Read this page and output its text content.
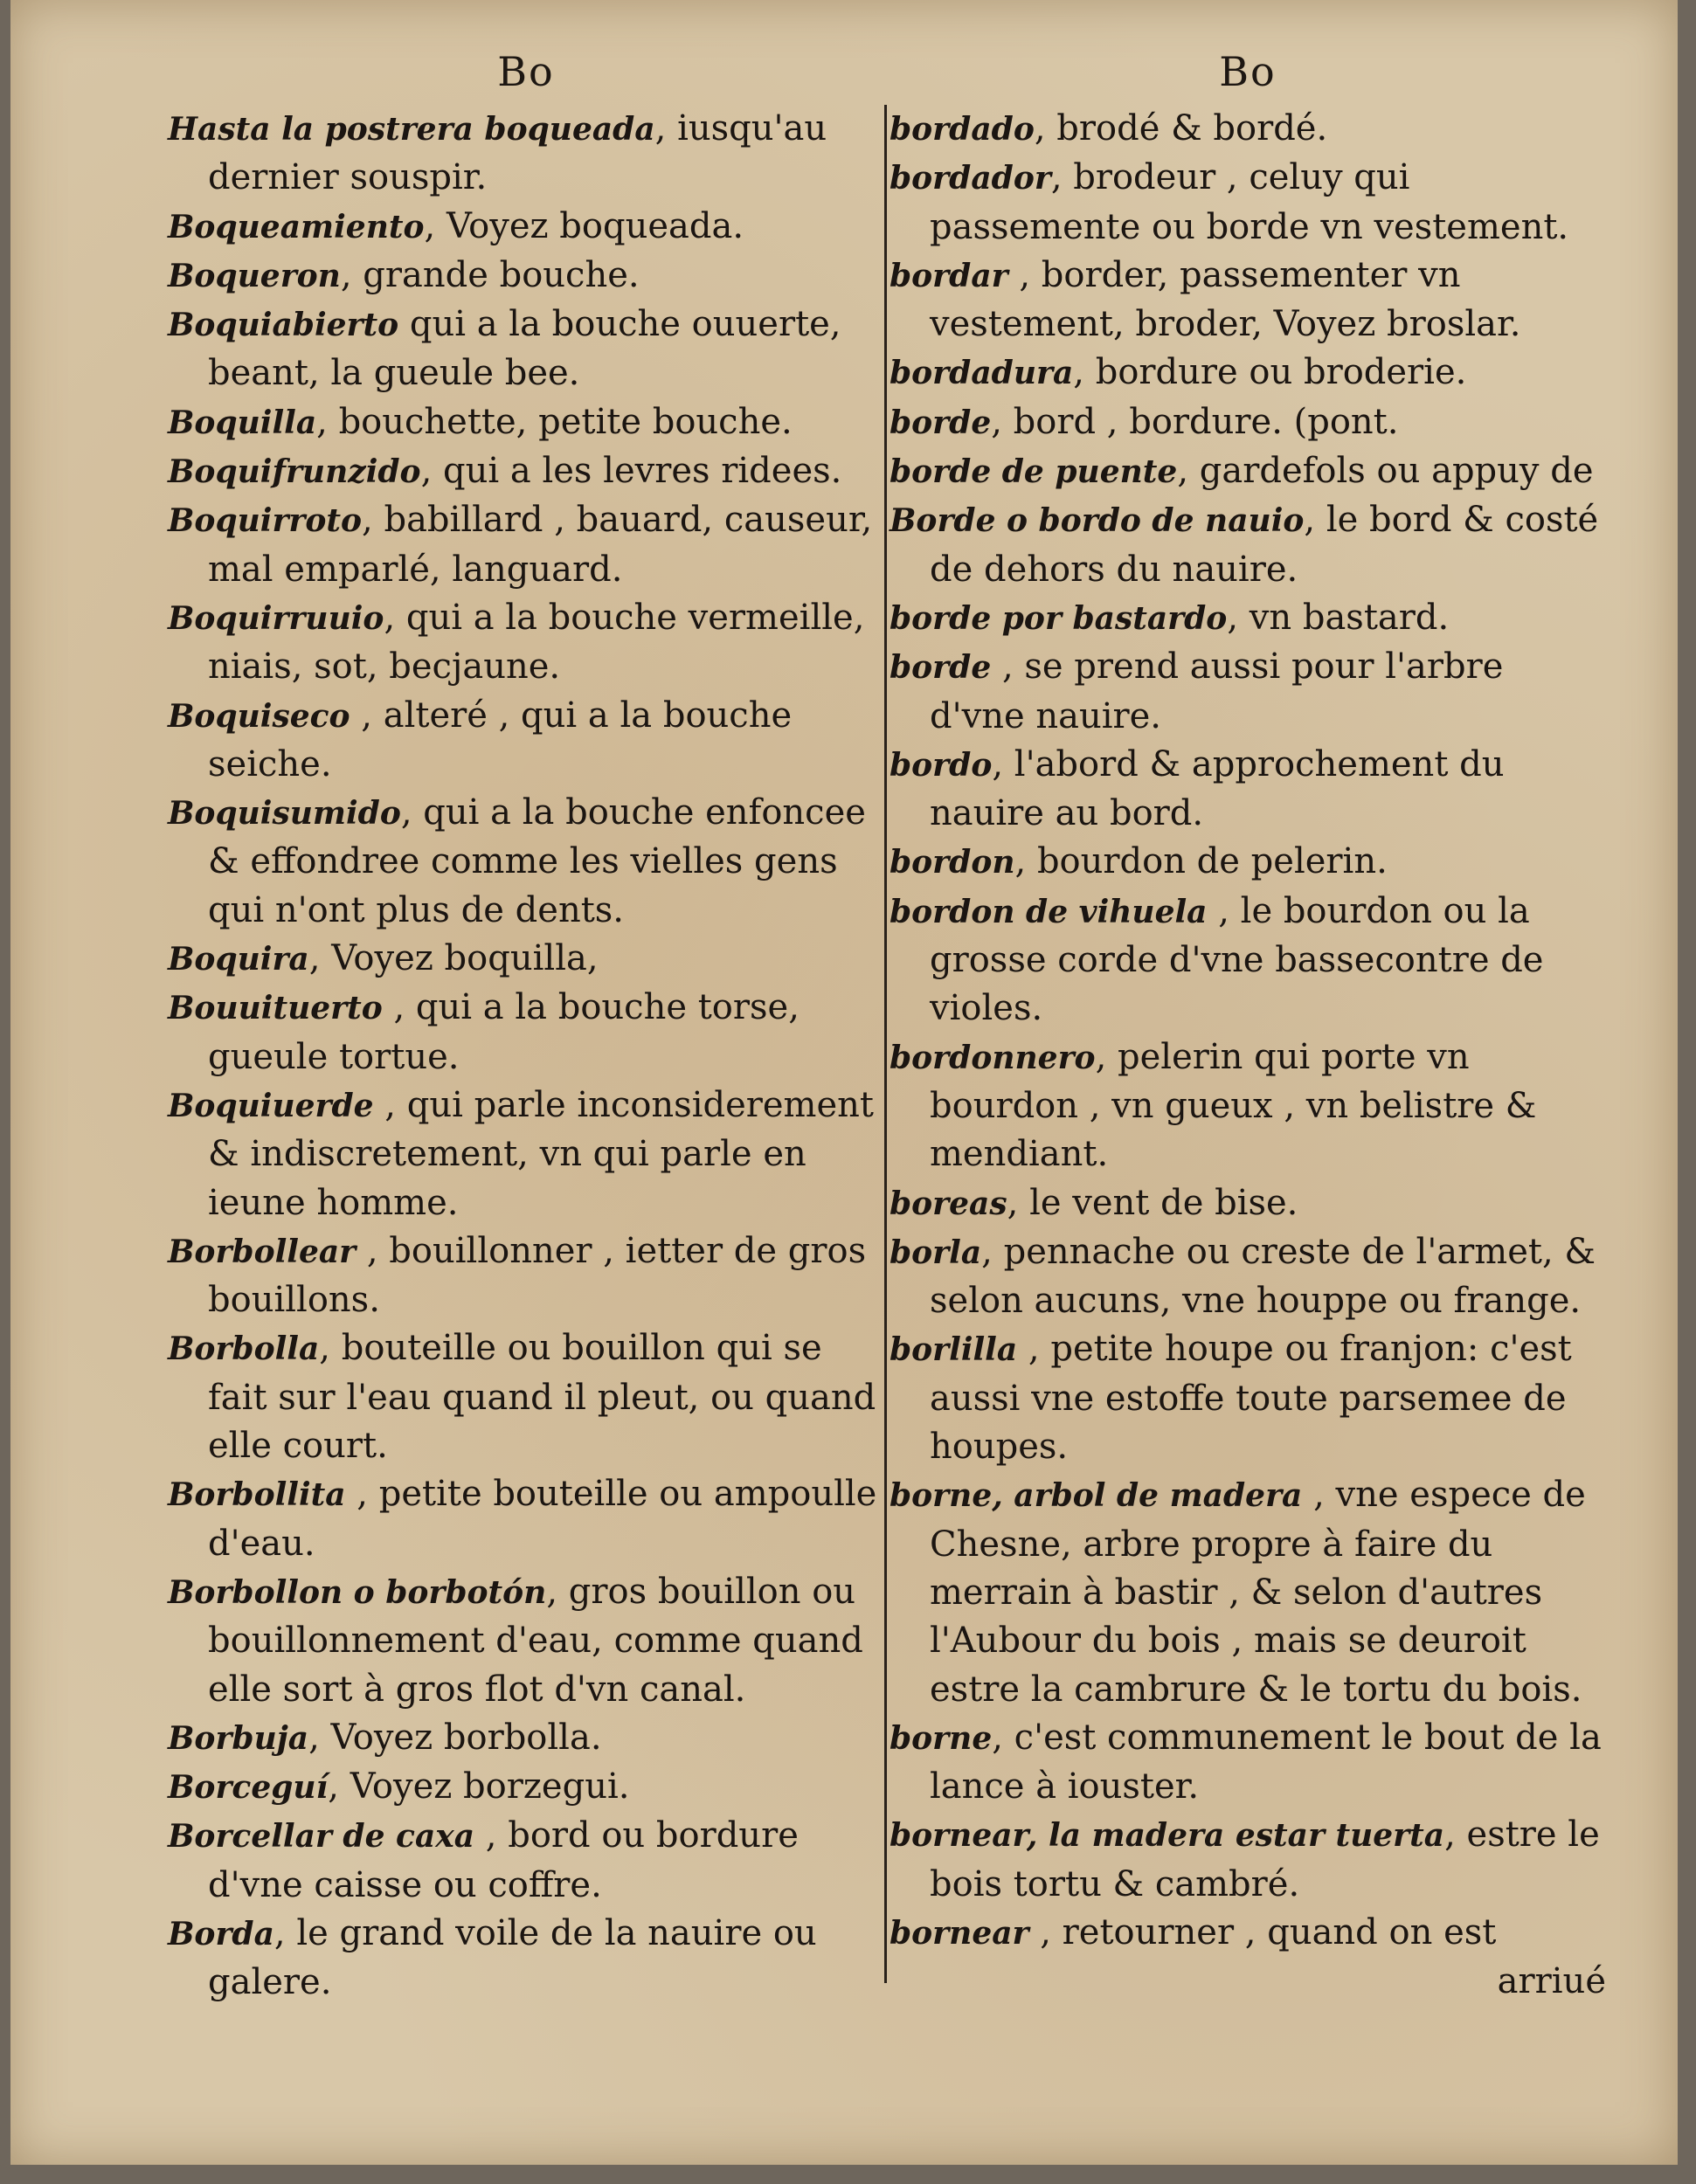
Bo
Hasta la postrera boqueada, iusqu'au dernier souspir.
Boqueamiento, Voyez boqueada.
Boqueron, grande bouche.
Boquiabierto qui a la bouche ouuerte, beant, la gueule bee.
Boquilla, bouchette, petite bouche.
Boquifrunzido, qui a les levres ridees.
Boquirroto, babillard , bauard, causeur, mal emparlé, languard.
Boquirruuio, qui a la bouche vermeille, niais, sot, becjaune.
Boquiseco , alteré , qui a la bouche seiche.
Boquisumido, qui a la bouche enfoncee & effondree comme les vielles gens qui n'ont plus de dents.
Boquira, Voyez boquilla,
Bouuituerto , qui a la bouche torse, gueule tortue.
Boquiuerde , qui parle inconsiderement & indiscretement, vn qui parle en ieune homme.
Borbollear , bouillonner , ietter de gros bouillons.
Borbolla, bouteille ou bouillon qui se fait sur l'eau quand il pleut, ou quand elle court.
Borbollita , petite bouteille ou ampoulle d'eau.
Borbollon o borbotón, gros bouillon ou bouillonnement d'eau, comme quand elle sort à gros flot d'vn canal.
Borbuja, Voyez borbolla.
Borceguí, Voyez borzegui.
Borcellar de caxa , bord ou bordure d'vne caisse ou coffre.
Borda, le grand voile de la nauire ou galere.
Bo
bordado, brodé & bordé.
bordador, brodeur , celuy qui passemente ou borde vn vestement.
bordar , border, passementer vn vestement, broder, Voyez broslar.
bordadura, bordure ou broderie.
borde, bord , bordure. (pont.
borde de puente, gardefols ou appuy de
Borde o bordo de nauio, le bord & costé de dehors du nauire.
borde por bastardo, vn bastard.
borde , se prend aussi pour l'arbre d'vne nauire.
bordo, l'abord & approchement du nauire au bord.
bordon, bourdon de pelerin.
bordon de vihuela , le bourdon ou la grosse corde d'vne bassecontre de violes.
bordonnero, pelerin qui porte vn bourdon , vn gueux , vn belistre & mendiant.
boreas, le vent de bise.
borla, pennache ou creste de l'armet, & selon aucuns, vne houppe ou frange.
borlilla , petite houpe ou franjon: c'est aussi vne estoffe toute parsemee de houpes.
borne, arbol de madera , vne espece de Chesne, arbre propre à faire du merrain à bastir , & selon d'autres l'Aubour du bois , mais se deuroit estre la cambrure & le tortu du bois.
borne, c'est communement le bout de la lance à iouster.
bornear, la madera estar tuerta, estre le bois tortu & cambré.
bornear , retourner , quand on est
arriué
